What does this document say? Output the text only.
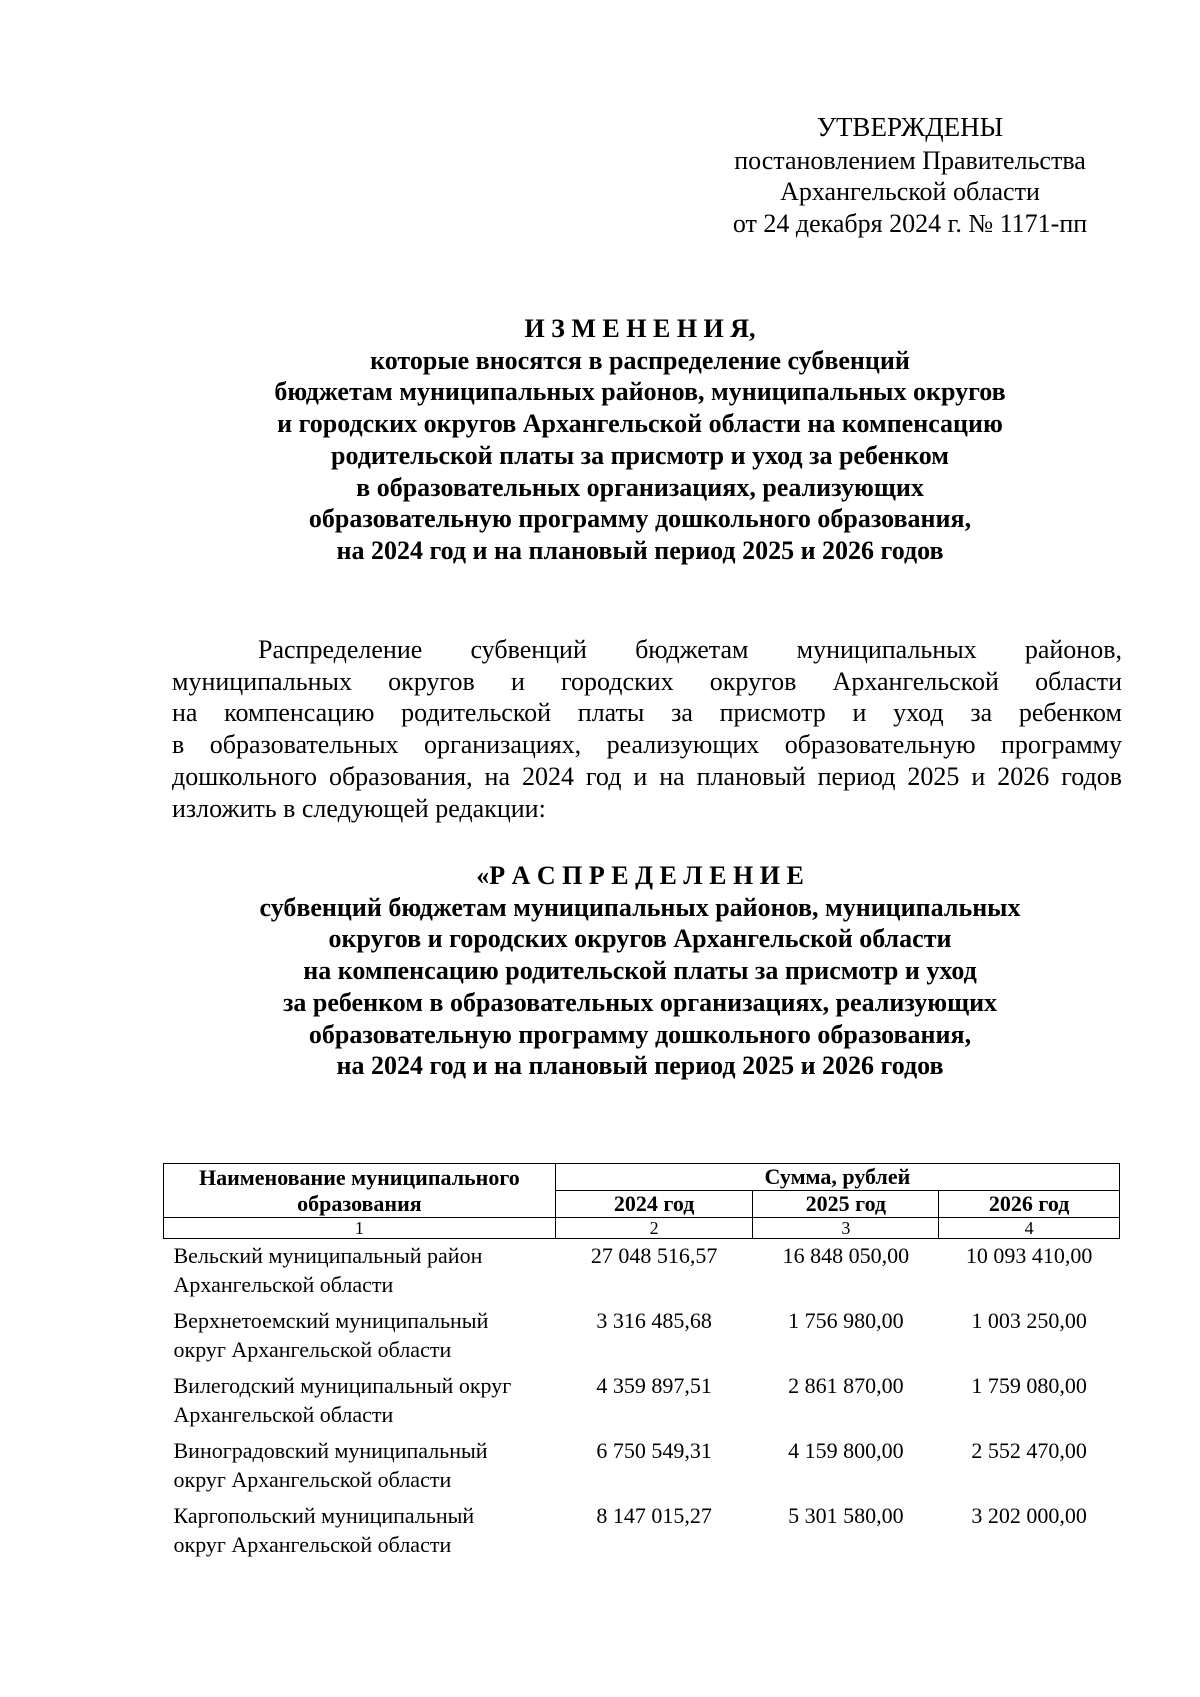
УТВЕРЖДЕНЫ
постановлением Правительства
Архангельской области
от 24 декабря 2024 г. № 1171-пп
И З М Е Н Е Н И Я,
которые вносятся в распределение субвенций
бюджетам муниципальных районов, муниципальных округов
и городских округов Архангельской области на компенсацию
родительской платы за присмотр и уход за ребенком
в образовательных организациях, реализующих
образовательную программу дошкольного образования,
на 2024 год и на плановый период 2025 и 2026 годов
Распределение субвенций бюджетам муниципальных районов,
муниципальных округов и городских округов Архангельской области
на компенсацию родительской платы за присмотр и уход за ребенком
в образовательных организациях, реализующих образовательную программу
дошкольного образования, на 2024 год и на плановый период 2025 и 2026 годов
изложить в следующей редакции:
«Р А С П Р Е Д Е Л Е Н И Е
субвенций бюджетам муниципальных районов, муниципальных
округов и городских округов Архангельской области
на компенсацию родительской платы за присмотр и уход
за ребенком в образовательных организациях, реализующих
образовательную программу дошкольного образования,
на 2024 год и на плановый период 2025 и 2026 годов
Наименование муниципального
образования	Сумма, рублей		
	2024 год	2025 год	2026 год
1	2	3	4

Вельский муниципальный район
Архангельской области	27 048 516,57	16 848 050,00	10 093 410,00

Верхнетоемский муниципальный
округ Архангельской области	3 316 485,68	1 756 980,00	1 003 250,00

Вилегодский муниципальный округ
Архангельской области	4 359 897,51	2 861 870,00	1 759 080,00

Виноградовский муниципальный
округ Архангельской области	6 750 549,31	4 159 800,00	2 552 470,00

Каргопольский муниципальный
округ Архангельской области	8 147 015,27	5 301 580,00	3 202 000,00
